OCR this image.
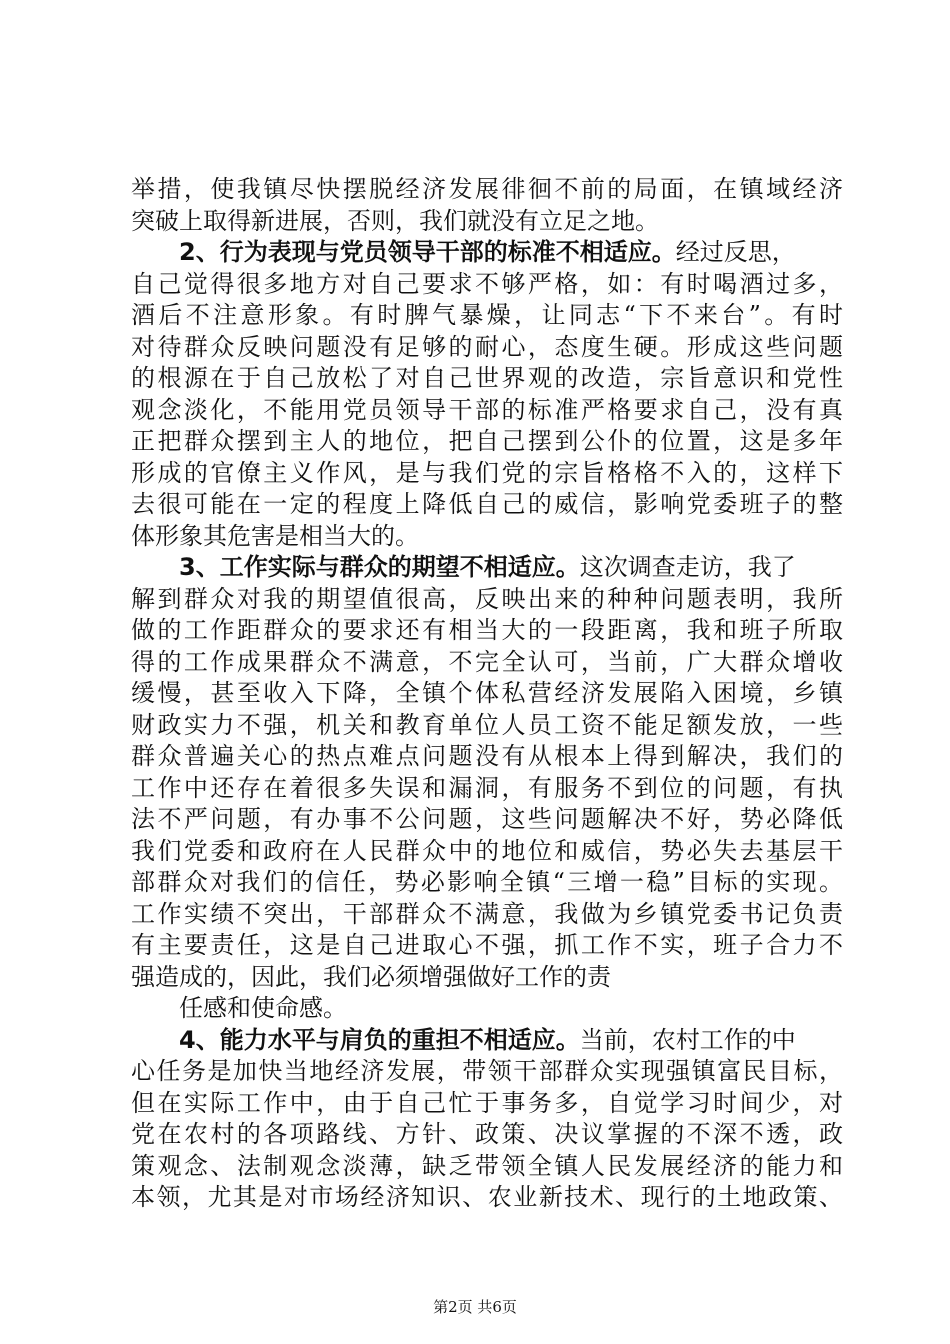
举措，使我镇尽快摆脱经济发展徘徊不前的局面，在镇域经济
突破上取得新进展，否则，我们就没有立足之地。
2、行为表现与党员领导干部的标准不相适应。经过反思，
自己觉得很多地方对自己要求不够严格，如：有时喝酒过多，
酒后不注意形象。有时脾气暴燥，让同志“下不来台”。有时
对待群众反映问题没有足够的耐心，态度生硬。形成这些问题
的根源在于自己放松了对自己世界观的改造，宗旨意识和党性
观念淡化，不能用党员领导干部的标准严格要求自己，没有真
正把群众摆到主人的地位，把自己摆到公仆的位置，这是多年
形成的官僚主义作风，是与我们党的宗旨格格不入的，这样下
去很可能在一定的程度上降低自己的威信，影响党委班子的整
体形象其危害是相当大的。
3、工作实际与群众的期望不相适应。这次调查走访，我了
解到群众对我的期望值很高，反映出来的种种问题表明，我所
做的工作距群众的要求还有相当大的一段距离，我和班子所取
得的工作成果群众不满意，不完全认可，当前，广大群众增收
缓慢，甚至收入下降，全镇个体私营经济发展陷入困境，乡镇
财政实力不强，机关和教育单位人员工资不能足额发放，一些
群众普遍关心的热点难点问题没有从根本上得到解决，我们的
工作中还存在着很多失误和漏洞，有服务不到位的问题，有执
法不严问题，有办事不公问题，这些问题解决不好，势必降低
我们党委和政府在人民群众中的地位和威信，势必失去基层干
部群众对我们的信任，势必影响全镇“三增一稳”目标的实现。
工作实绩不突出，干部群众不满意，我做为乡镇党委书记负责
有主要责任，这是自己进取心不强，抓工作不实，班子合力不
强造成的，因此，我们必须增强做好工作的责
任感和使命感。
4、能力水平与肩负的重担不相适应。当前，农村工作的中
心任务是加快当地经济发展，带领干部群众实现强镇富民目标，
但在实际工作中，由于自己忙于事务多，自觉学习时间少，对
党在农村的各项路线、方针、政策、决议掌握的不深不透，政
策观念、法制观念淡薄，缺乏带领全镇人民发展经济的能力和
本领，尤其是对市场经济知识、农业新技术、现行的土地政策、
第2页 共6页
